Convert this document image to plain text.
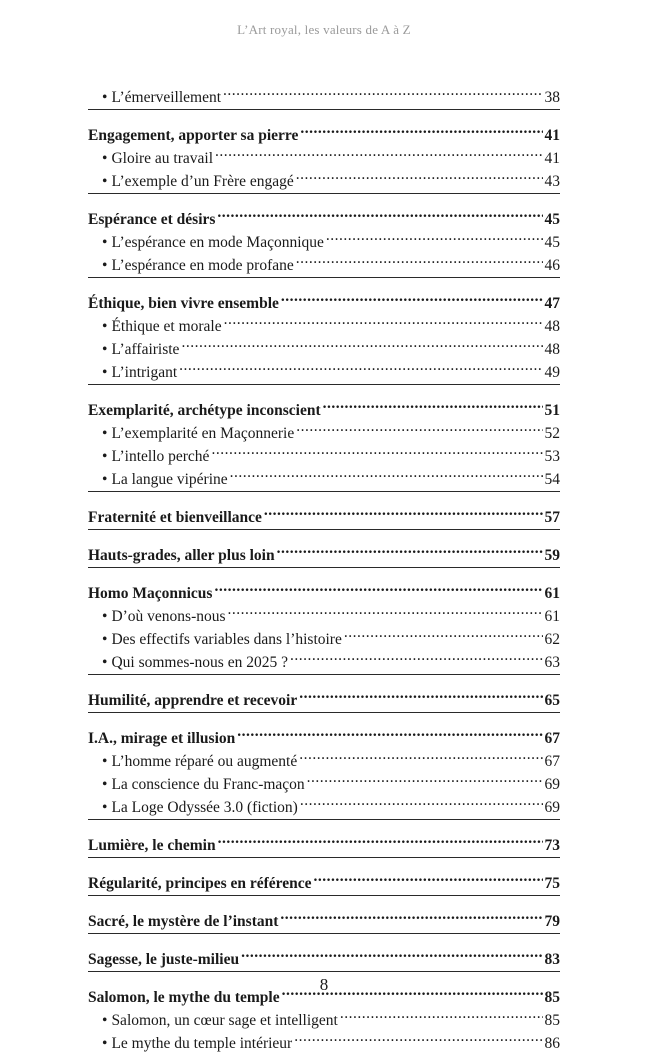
L’Art royal, les valeurs de A à Z
• L’émerveillement .....	38
Engagement, apporter sa pierre .....	41
• Gloire au travail .....	41
• L’exemple d’un Frère engagé .....	43
Espérance et désirs .....	45
• L’espérance en mode Maçonnique .....	45
• L’espérance en mode profane .....	46
Éthique, bien vivre ensemble .....	47
• Éthique et morale .....	48
• L’affairiste .....	48
• L’intrigant .....	49
Exemplarité, archétype inconscient .....	51
• L’exemplarité en Maçonnerie .....	52
• L’intello perché .....	53
• La langue vipérine .....	54
Fraternité et bienveillance .....	57
Hauts-grades, aller plus loin .....	59
Homo Maçonnicus .....	61
• D’où venons-nous .....	61
• Des effectifs variables dans l’histoire .....	62
• Qui sommes-nous en 2025 ? .....	63
Humilité, apprendre et recevoir .....	65
I.A., mirage et illusion .....	67
• L’homme réparé ou augmenté .....	67
• La conscience du Franc-maçon .....	69
• La Loge Odyssée 3.0 (fiction) .....	69
Lumière, le chemin .....	73
Régularité, principes en référence .....	75
Sacré, le mystère de l’instant .....	79
Sagesse, le juste-milieu .....	83
Salomon, le mythe du temple .....	85
• Salomon, un cœur sage et intelligent .....	85
• Le mythe du temple intérieur .....	86
8
